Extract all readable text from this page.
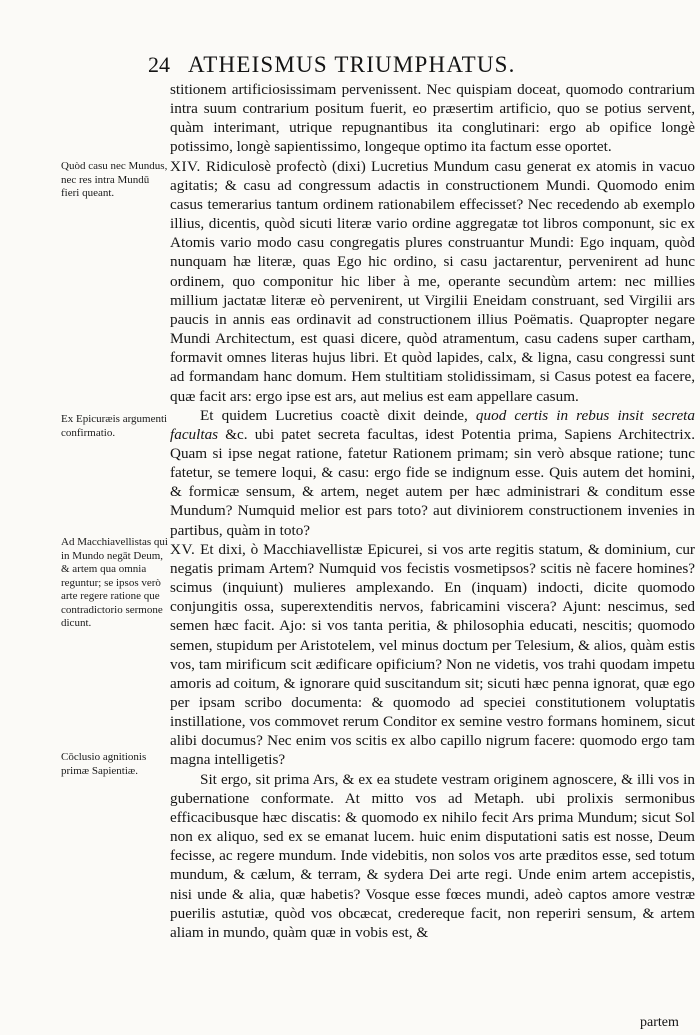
24 ATHEISMUS TRIUMPHATUS.

stitionem artificiosissimam pervenissent. Nec quispiam doceat, quomodo contrarium intra suum contrarium positum fuerit, eo præsertim artificio, quo se potius servent, quàm interimant, utrique repugnantibus ita conglutinari: ergo ab opifice longè potissimo, longè sapientissimo, longeque optimo ita factum esse oportet.

XIV. Ridiculosè profectò (dixi) Lucretius Mundum casu generat ex atomis in vacuo agitatis; & casu ad congressum adactis in constructionem Mundi. Quomodo enim casus temerarius tantum ordinem rationabilem effecisset? Nec recedendo ab exemplo illius, dicentis, quòd sicuti literæ vario ordine aggregatæ tot libros componunt, sic ex Atomis vario modo casu congregatis plures construantur Mundi: Ego inquam, quòd nunquam hæ literæ, quas Ego hic ordino, si casu jactarentur, pervenirent ad hunc ordinem, quo componitur hic liber à me, operante secundùm artem: nec millies millium jactatæ literæ eò pervenirent, ut Virgilii Eneidam construant, sed Virgilii ars paucis in annis eas ordinavit ad constructionem illius Poëmatis. Quapropter negare Mundi Architectum, est quasi dicere, quòd atramentum, casu cadens super cartham, formavit omnes literas hujus libri. Et quòd lapides, calx, & ligna, casu congressi sunt ad formandam hanc domum. Hem stultitiam stolidissimam, si Casus potest ea facere, quæ facit ars: ergo ipse est ars, aut melius est eam appellare casum.

Et quidem Lucretius coactè dixit deinde, quod certis in rebus insit secreta facultas &c. ubi patet secreta facultas, idest Potentia prima, Sapiens Architectrix. Quam si ipse negat ratione, fatetur Rationem primam; sin verò absque ratione; tunc fatetur, se temere loqui, & casu: ergo fide se indignum esse. Quis autem det homini, & formicæ sensum, & artem, neget autem per hæc administrari & conditum esse Mundum? Numquid melior est pars toto? aut diviniorem constructionem invenies in partibus, quàm in toto?

XV. Et dixi, ò Macchiavellistæ Epicurei, si vos arte regitis statum, & dominium, cur negatis primam Artem? Numquid vos fecistis vosmetipsos? scitis nè facere homines? scimus (inquiunt) mulieres amplexando. En (inquam) indocti, dicite quomodo conjungitis ossa, superextenditis nervos, fabricamini viscera? Ajunt: nescimus, sed semen hæc facit. Ajo: si vos tanta peritia, & philosophia educati, nescitis; quomodo semen, stupidum per Aristotelem, vel minus doctum per Telesium, & alios, quàm estis vos, tam mirificum scit ædificare opificium? Non ne videtis, vos trahi quodam impetu amoris ad coitum, & ignorare quid suscitandum sit; sicuti hæc penna ignorat, quæ ego per ipsam scribo documenta: & quomodo ad speciei constitutionem voluptatis instillatione, vos commovet rerum Conditor ex semine vestro formans hominem, sicut alibi documus? Nec enim vos scitis ex albo capillo nigrum facere: quomodo ergo tam magna intelligetis?

Sit ergo, sit prima Ars, & ex ea studete vestram originem agnoscere, & illi vos in gubernatione conformate. At mitto vos ad Metaph. ubi prolixis sermonibus efficacibusque hæc discatis: & quomodo ex nihilo fecit Ars prima Mundum; sicut Sol non ex aliquo, sed ex se emanat lucem. huic enim disputationi satis est nosse, Deum fecisse, ac regere mundum. Inde videbitis, non solos vos arte præditos esse, sed totum mundum, & cælum, & terram, & sydera Dei arte regi. Unde enim artem accepistis, nisi unde & alia, quæ habetis? Vosque esse fœces mundi, adeò captos amore vestræ puerilis astutiæ, quòd vos obcæcat, credereque facit, non reperiri sensum, & artem aliam in mundo, quàm quæ in vobis est, &

Quòd casu nec Mundus, nec res intra Mundū fieri queant.
Ex Epicuræis argumenti confirmatio.
Ad Macchiavellistas qui in Mundo negāt Deum, & artem qua omnia reguntur; se ipsos verò arte regere ratione que contradictorio sermone dicunt.
Cōclusio agnitionis primæ Sapientiæ.
partem
